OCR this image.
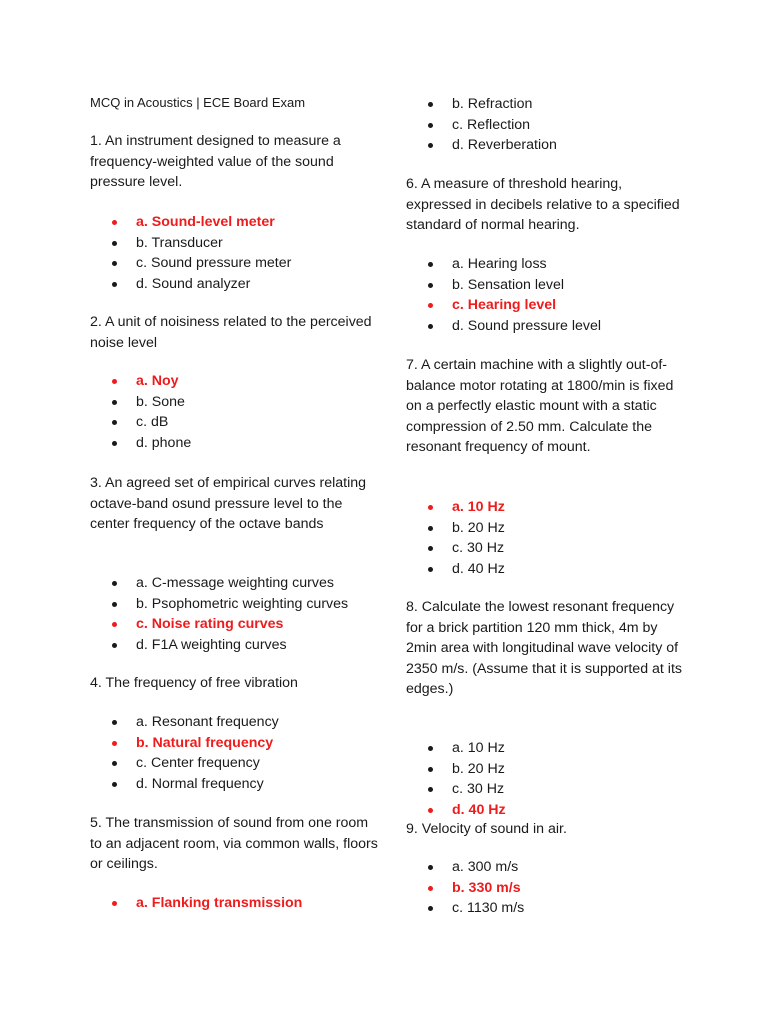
MCQ in Acoustics | ECE Board Exam

1. An instrument designed to measure a frequency-weighted value of the sound pressure level.

a. Sound-level meter
b. Transducer
c. Sound pressure meter
d. Sound analyzer

2. A unit of noisiness related to the perceived noise level

a. Noy
b. Sone
c. dB
d. phone

3. An agreed set of empirical curves relating octave-band osund pressure level to the center frequency of the octave bands

a. C-message weighting curves
b. Psophometric weighting curves
c. Noise rating curves
d. F1A weighting curves

4. The frequency of free vibration

a. Resonant frequency
b. Natural frequency
c. Center frequency
d. Normal frequency

5. The transmission of sound from one room to an adjacent room, via common walls, floors or ceilings.

a. Flanking transmission
b. Refraction
c. Reflection
d. Reverberation

6. A measure of threshold hearing, expressed in decibels relative to a specified standard of normal hearing.

a. Hearing loss
b. Sensation level
c. Hearing level
d. Sound pressure level

7. A certain machine with a slightly out-of-balance motor rotating at 1800/min is fixed on a perfectly elastic mount with a static compression of 2.50 mm. Calculate the resonant frequency of mount.

a. 10 Hz
b. 20 Hz
c. 30 Hz
d. 40 Hz

8. Calculate the lowest resonant frequency for a brick partition 120 mm thick, 4m by 2min area with longitudinal wave velocity of 2350 m/s. (Assume that it is supported at its edges.)

a. 10 Hz
b. 20 Hz
c. 30 Hz
d. 40 Hz

9. Velocity of sound in air.

a. 300 m/s
b. 330 m/s
c. 1130 m/s
